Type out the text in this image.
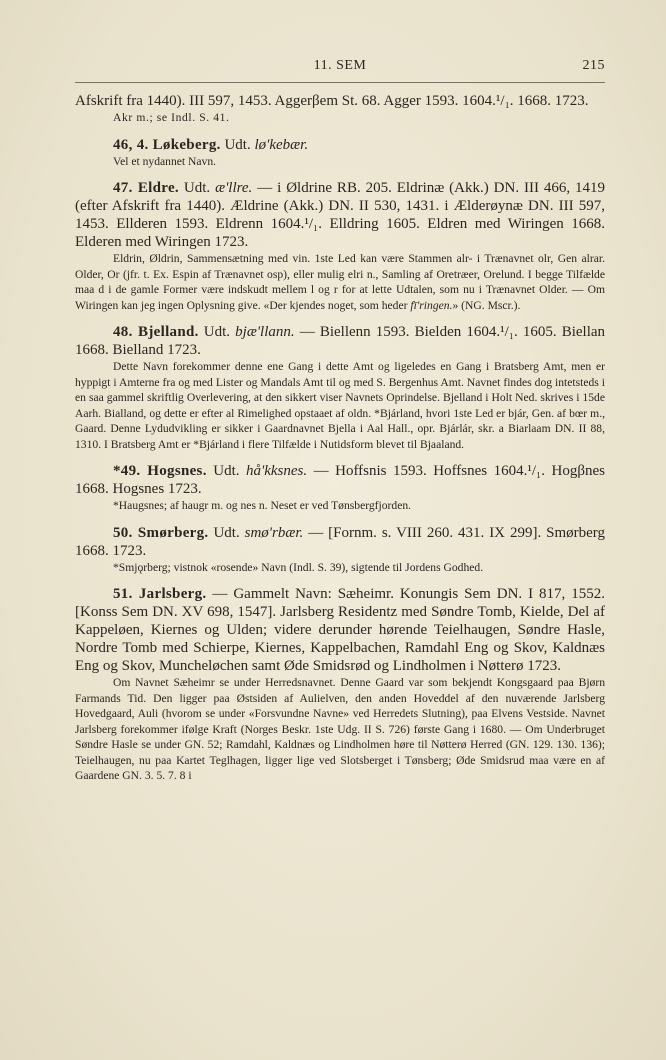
11. SEM	215

Afskrift fra 1440). III 597, 1453. Aggerβem St. 68. Agger 1593. 1604.¹/₁. 1668. 1723.

Akr m.; se Indl. S. 41.

46, 4. Løkeberg. Udt. lø'kebær.

Vel et nydannet Navn.

47. Eldre. Udt. æ'llre. — i Øldrine RB. 205. Eldrinæ (Akk.) DN. III 466, 1419 (efter Afskrift fra 1440). Ældrine (Akk.) DN. II 530, 1431. i Ælderøynæ DN. III 597, 1453. Ellderen 1593. Eldrenn 1604.¹/₁. Elldring 1605. Eldren med Wiringen 1668. Elderen med Wiringen 1723.

Eldrin, Øldrin, Sammensætning med vin. 1ste Led kan være Stammen alr- i Trænavnet olr, Gen alrar. Older, Or (jfr. t. Ex. Espin af Trænavnet osp), eller mulig elri n., Samling af Oretræer, Orelund. I begge Tilfælde maa d i de gamle Former være indskudt mellem l og r for at lette Udtalen, som nu i Trænavnet Older. — Om Wiringen kan jeg ingen Oplysning give. «Der kjendes noget, som heder fī'ringen.» (NG. Mscr.).

48. Bjelland. Udt. bjæ'llann. — Biellenn 1593. Bielden 1604.¹/₁. 1605. Biellan 1668. Bielland 1723.

Dette Navn forekommer denne ene Gang i dette Amt og ligeledes en Gang i Bratsberg Amt, men er hyppigt i Amterne fra og med Lister og Mandals Amt til og med S. Bergenhus Amt. Navnet findes dog intetsteds i en saa gammel skriftlig Overlevering, at den sikkert viser Navnets Oprindelse. Bjelland i Holt Ned. skrives i 15de Aarh. Bialland, og dette er efter al Rimelighed opstaaet af oldn. *Bjárland, hvori 1ste Led er bjár, Gen. af bœr m., Gaard. Denne Lydudvikling er sikker i Gaardnavnet Bjella i Aal Hall., opr. Bjárlár, skr. a Biarlaam DN. II 88, 1310. I Bratsberg Amt er *Bjárland i flere Tilfælde i Nutidsform blevet til Bjaaland.

*49. Hogsnes. Udt. hå'kksnes. — Hoffsnis 1593. Hoffsnes 1604.¹/₁. Hogβnes 1668. Hogsnes 1723.

*Haugsnes; af haugr m. og nes n. Neset er ved Tønsbergfjorden.

50. Smørberg. Udt. smø'rbær. — [Fornm. s. VIII 260. 431. IX 299]. Smørberg 1668. 1723.

*Smjǫrberg; vistnok «rosende» Navn (Indl. S. 39), sigtende til Jordens Godhed.

51. Jarlsberg. — Gammelt Navn: Sæheimr. Konungis Sem DN. I 817, 1552. [Konss Sem DN. XV 698, 1547]. Jarlsberg Residentz med Søndre Tomb, Kielde, Del af Kappeløen, Kiernes og Ulden; videre derunder hørende Teielhaugen, Søndre Hasle, Nordre Tomb med Schierpe, Kiernes, Kappelbachen, Ramdahl Eng og Skov, Kaldnæs Eng og Skov, Muncheløchen samt Øde Smidsrød og Lindholmen i Nøtterø 1723.

Om Navnet Sæheimr se under Herredsnavnet. Denne Gaard var som bekjendt Kongsgaard paa Bjørn Farmands Tid. Den ligger paa Østsiden af Aulielven, den anden Hoveddel af den nuværende Jarlsberg Hovedgaard, Auli (hvorom se under «Forsvundne Navne» ved Herredets Slutning), paa Elvens Vestside. Navnet Jarlsberg forekommer ifølge Kraft (Norges Beskr. 1ste Udg. II S. 726) første Gang i 1680. — Om Underbruget Søndre Hasle se under GN. 52; Ramdahl, Kaldnæs og Lindholmen høre til Nøtterø Herred (GN. 129. 130. 136); Teielhaugen, nu paa Kartet Teglhagen, ligger lige ved Slotsberget i Tønsberg; Øde Smidsrud maa være en af Gaardene GN. 3. 5. 7. 8 i
